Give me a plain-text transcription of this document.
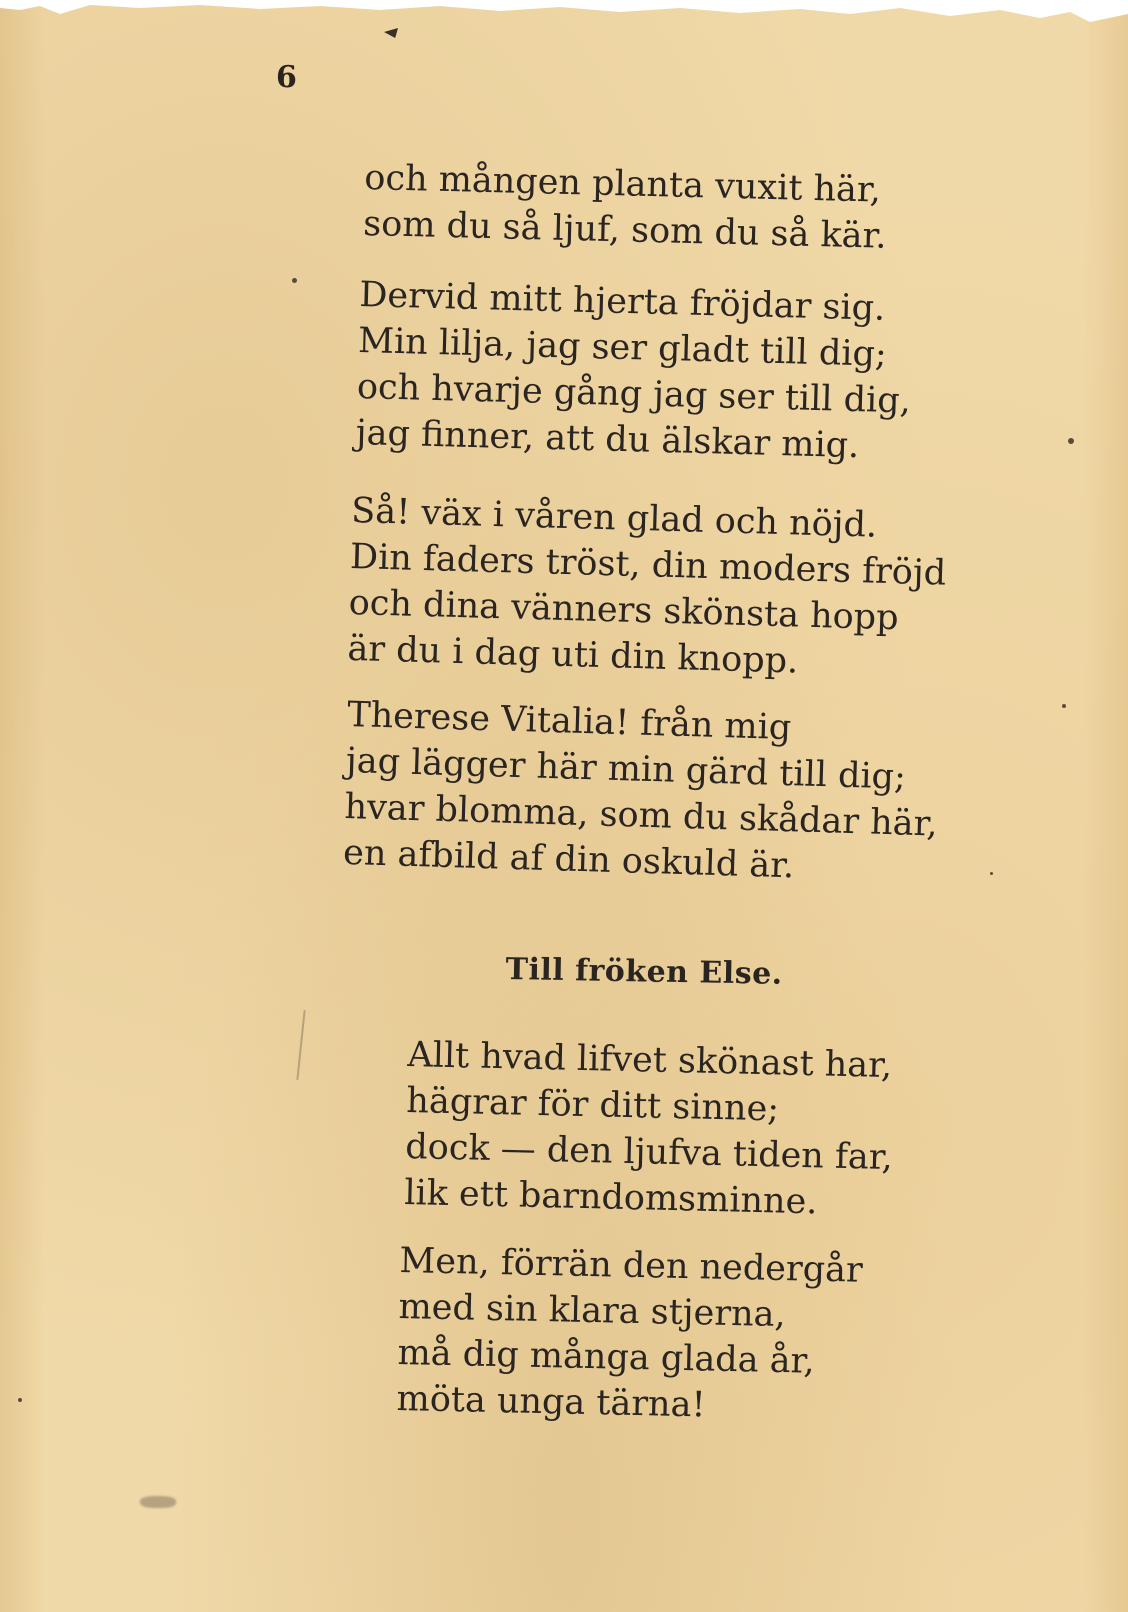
6
och mången planta vuxit här,
som du så ljuf, som du så kär.
Dervid mitt hjerta fröjdar sig.
Min lilja, jag ser gladt till dig;
och hvarje gång jag ser till dig,
jag finner, att du älskar mig.
Så! väx i våren glad och nöjd.
Din faders tröst, din moders fröjd
och dina vänners skönsta hopp
är du i dag uti din knopp.
Therese Vitalia! från mig
jag lägger här min gärd till dig;
hvar blomma, som du skådar här,
en afbild af din oskuld är.
Till fröken Else.
Allt hvad lifvet skönast har,
hägrar för ditt sinne;
dock — den ljufva tiden far,
lik ett barndomsminne.
Men, förrän den nedergår
med sin klara stjerna,
må dig många glada år,
möta unga tärna!
